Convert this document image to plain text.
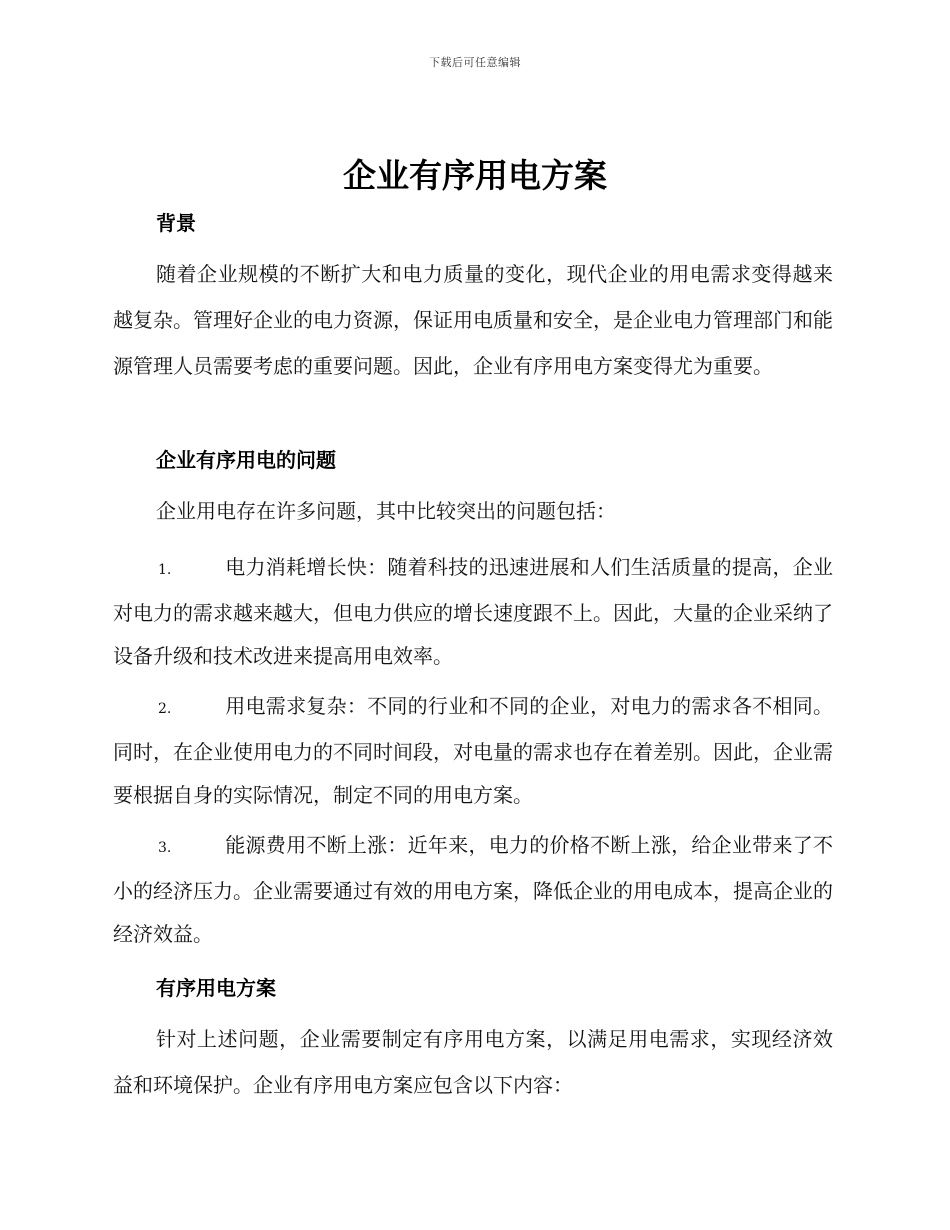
下载后可任意编辑
企业有序用电方案
背景

随着企业规模的不断扩大和电力质量的变化，现代企业的用电需求变得越来越复杂。管理好企业的电力资源，保证用电质量和安全，是企业电力管理部门和能源管理人员需要考虑的重要问题。因此，企业有序用电方案变得尤为重要。

企业有序用电的问题

企业用电存在许多问题，其中比较突出的问题包括：

1.	电力消耗增长快：随着科技的迅速进展和人们生活质量的提高，企业对电力的需求越来越大，但电力供应的增长速度跟不上。因此，大量的企业采纳了设备升级和技术改进来提高用电效率。

2.	用电需求复杂：不同的行业和不同的企业，对电力的需求各不相同。同时，在企业使用电力的不同时间段，对电量的需求也存在着差别。因此，企业需要根据自身的实际情况，制定不同的用电方案。

3.	能源费用不断上涨：近年来，电力的价格不断上涨，给企业带来了不小的经济压力。企业需要通过有效的用电方案，降低企业的用电成本，提高企业的经济效益。

有序用电方案

针对上述问题，企业需要制定有序用电方案，以满足用电需求，实现经济效益和环境保护。企业有序用电方案应包含以下内容：
